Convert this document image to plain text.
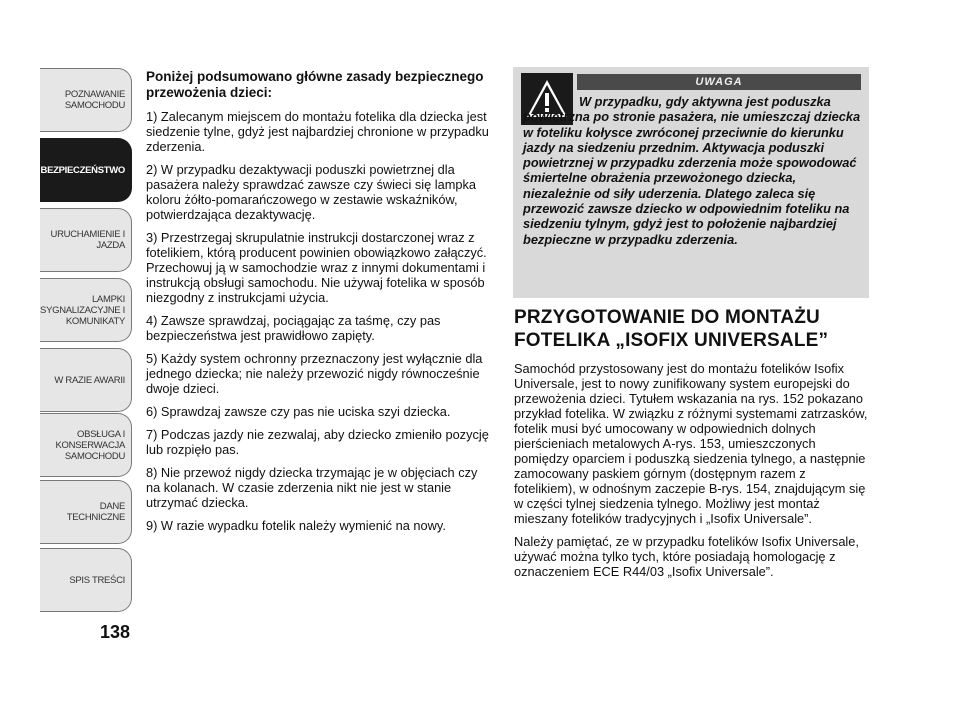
POZNAWANIE
SAMOCHODU
BEZPIECZEŃSTWO
URUCHAMIENIE I
JAZDA
LAMPKI
SYGNALIZACYJNE I
KOMUNIKATY
W RAZIE AWARII
OBSŁUGA I
KONSERWACJA
SAMOCHODU
DANE TECHNICZNE
SPIS TREŚCI
138

Poniżej podsumowano główne zasady bezpiecznego przewożenia dzieci:

1) Zalecanym miejscem do montażu fotelika dla dziecka jest siedzenie tylne, gdyż jest najbardziej chronione w przypadku zderzenia.

2) W przypadku dezaktywacji poduszki powietrznej dla pasażera należy sprawdzać zawsze czy świeci się lampka koloru żółto-pomarańczowego w zestawie wskaźników, potwierdzająca dezaktywację.

3) Przestrzegaj skrupulatnie instrukcji dostarczonej wraz z fotelikiem, którą producent powinien obowiązkowo załączyć. Przechowuj ją w samochodzie wraz z innymi dokumentami i instrukcją obsługi samochodu. Nie używaj fotelika w sposób niezgodny z instrukcjami użycia.

4) Zawsze sprawdzaj, pociągając za taśmę, czy pas bezpieczeństwa jest prawidłowo zapięty.

5) Każdy system ochronny przeznaczony jest wyłącznie dla jednego dziecka; nie należy przewozić nigdy równocześnie dwoje dzieci.

6) Sprawdzaj zawsze czy pas nie uciska szyi dziecka.

7) Podczas jazdy nie zezwalaj, aby dziecko zmieniło pozycję lub rozpięło pas.

8) Nie przewoź nigdy dziecka trzymając je w objęciach czy na kolanach. W czasie zderzenia nikt nie jest w stanie utrzymać dziecka.

9) W razie wypadku fotelik należy wymienić na nowy.

UWAGA
W przypadku, gdy aktywna jest poduszka powietrzna po stronie pasażera, nie umieszczaj dziecka w foteliku kołysce zwróconej przeciwnie do kierunku jazdy na siedzeniu przednim. Aktywacja poduszki powietrznej w przypadku zderzenia może spowodować śmiertelne obrażenia przewożonego dziecka, niezależnie od siły uderzenia. Dlatego zaleca się przewozić zawsze dziecko w odpowiednim foteliku na siedzeniu tylnym, gdyż jest to położenie najbardziej bezpieczne w przypadku zderzenia.
PRZYGOTOWANIE DO MONTAŻU FOTELIKA „ISOFIX UNIVERSALE”

Samochód przystosowany jest do montażu fotelików Isofix Universale, jest to nowy zunifikowany system europejski do przewożenia dzieci. Tytułem wskazania na rys. 152 pokazano przykład fotelika. W związku z różnymi systemami zatrzasków, fotelik musi być umocowany w odpowiednich dolnych pierścieniach metalowych A-rys. 153, umieszczonych pomiędzy oparciem i poduszką siedzenia tylnego, a następnie zamocowany paskiem górnym (dostępnym razem z fotelikiem), w odnośnym zaczepie B-rys. 154, znajdującym się w części tylnej siedzenia tylnego. Możliwy jest montaż mieszany fotelików tradycyjnych i „Isofix Universale”.

Należy pamiętać, ze w przypadku fotelików Isofix Universale, używać można tylko tych, które posiadają homologację z oznaczeniem ECE R44/03 „Isofix Universale”.
